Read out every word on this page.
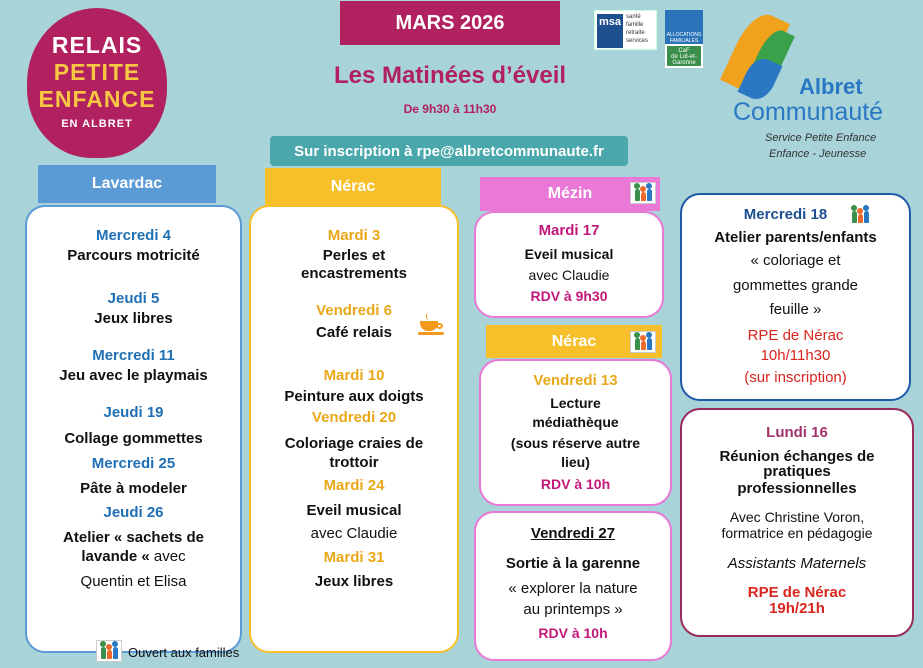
RELAIS
PETITE
ENFANCE
EN ALBRET
MARS 2026
Les Matinées d’éveil
De 9h30 à 11h30
Sur inscription à rpe@albretcommunaute.fr
msa santé
famille
retraite
services
ALLOCATIONS FAMILIALES
CaF
de Lot-et-Garonne
Albret
Communauté
Service Petite Enfance
Enfance - Jeunesse
Lavardac
Mercredi 4
Parcours motricité
Jeudi 5
Jeux libres
Mercredi 11
Jeu avec le playmais
Jeudi 19
Collage gommettes
Mercredi 25
Pâte à modeler
Jeudi 26
Atelier « sachets de
lavande « avec
Quentin et Elisa
Nérac
Mardi 3
Perles et
encastrements
Vendredi 6
Café relais
Mardi 10
Peinture aux doigts
Vendredi 20
Coloriage craies de
trottoir
Mardi 24
Eveil musical
avec Claudie
Mardi 31
Jeux libres
Mézin
Mardi 17
Eveil musical
avec Claudie
RDV à 9h30
Nérac
Vendredi 13
Lecture
médiathèque
(sous réserve autre
lieu)
RDV à 10h
Vendredi 27
Sortie à la garenne
« explorer la nature
au printemps »
RDV à 10h
Mercredi 18
Atelier parents/enfants
« coloriage et
gommettes grande
feuille »
RPE de Nérac
10h/11h30
(sur inscription)
Lundi 16
Réunion échanges de
pratiques
professionnelles
Avec Christine Voron,
formatrice en pédagogie
Assistants Maternels
RPE de Nérac
19h/21h
Ouvert aux familles
